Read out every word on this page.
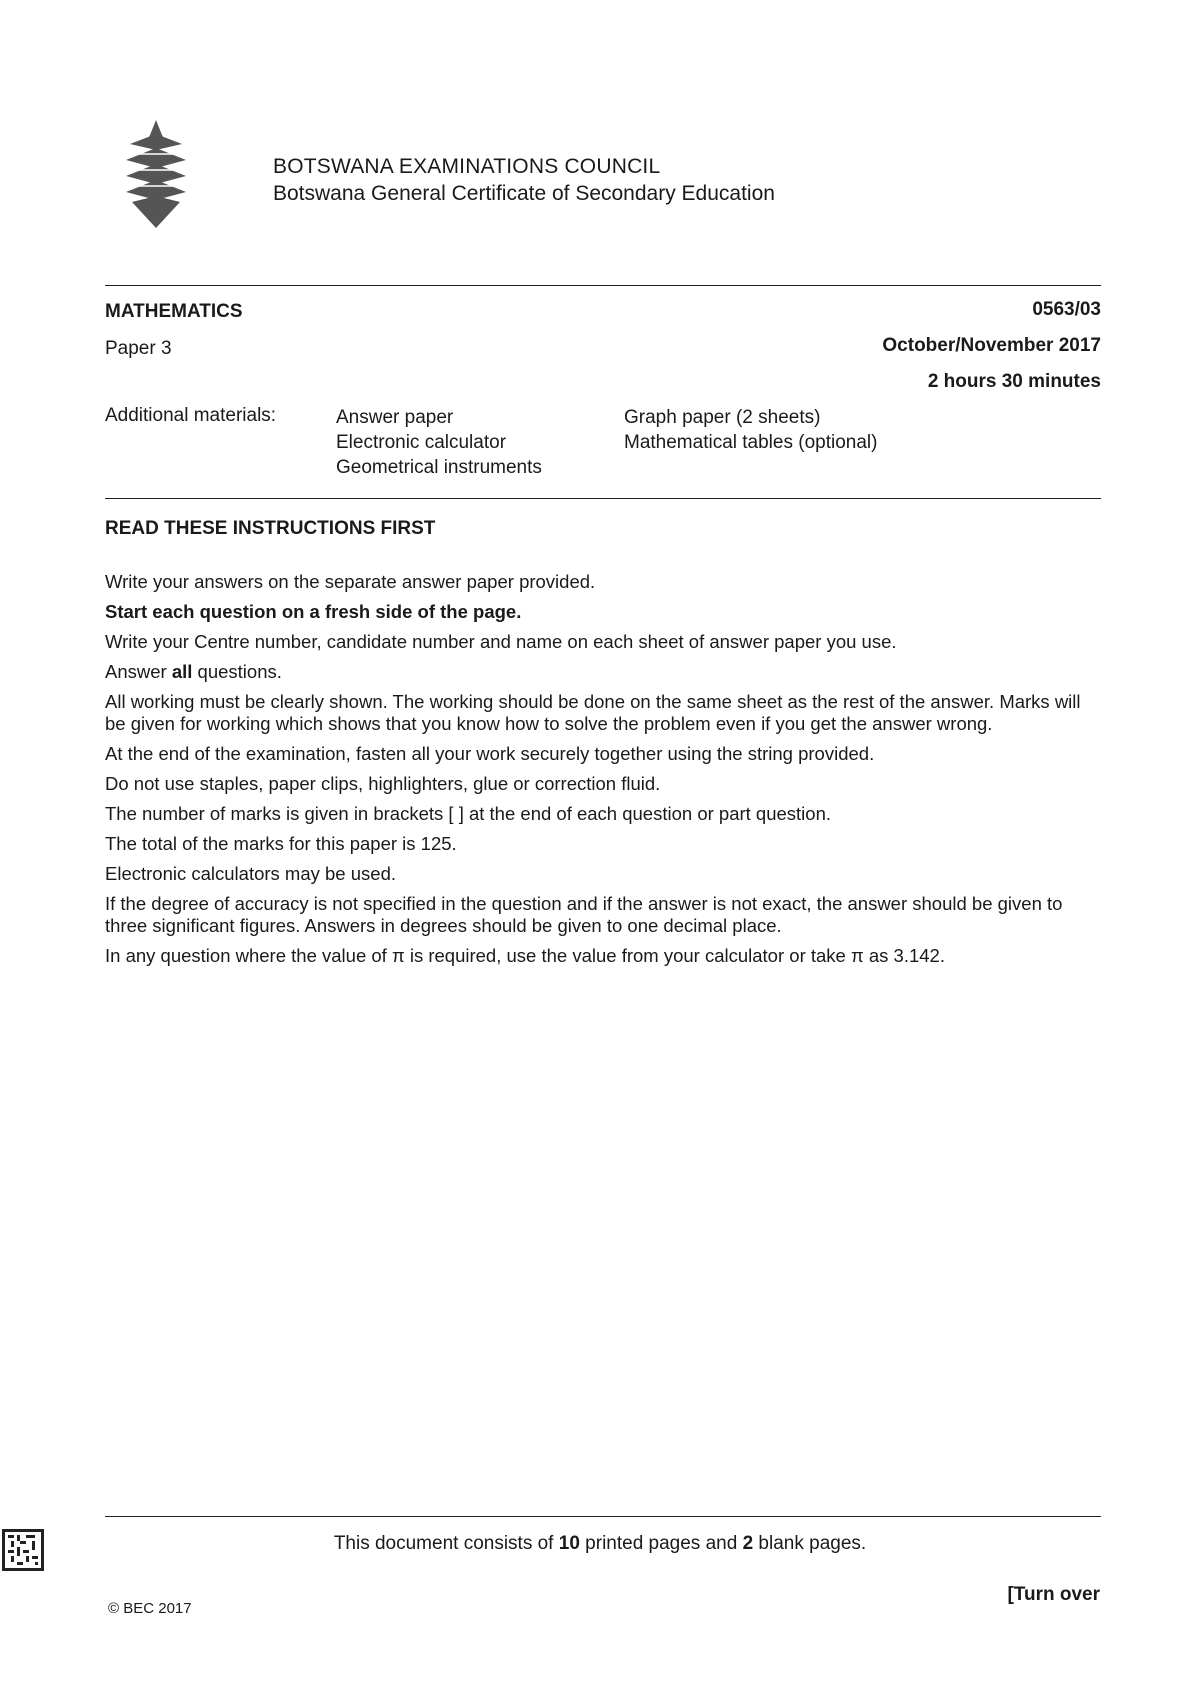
BOTSWANA EXAMINATIONS COUNCIL
Botswana General Certificate of Secondary Education
MATHEMATICS
Paper 3
0563/03
October/November 2017
2 hours 30 minutes
Additional materials:	Answer paper
Electronic calculator
Geometrical instruments
Graph paper (2 sheets)
Mathematical tables (optional)
READ THESE INSTRUCTIONS FIRST

Write your answers on the separate answer paper provided.

Start each question on a fresh side of the page.

Write your Centre number, candidate number and name on each sheet of answer paper you use.

Answer all questions.

All working must be clearly shown. The working should be done on the same sheet as the rest of the answer. Marks will be given for working which shows that you know how to solve the problem even if you get the answer wrong.

At the end of the examination, fasten all your work securely together using the string provided.

Do not use staples, paper clips, highlighters, glue or correction fluid.

The number of marks is given in brackets [ ] at the end of each question or part question.

The total of the marks for this paper is 125.

Electronic calculators may be used.

If the degree of accuracy is not specified in the question and if the answer is not exact, the answer should be given to three significant figures. Answers in degrees should be given to one decimal place.

In any question where the value of π is required, use the value from your calculator or take π as 3.142.

This document consists of 10 printed pages and 2 blank pages.
© BEC 2017
[Turn over
